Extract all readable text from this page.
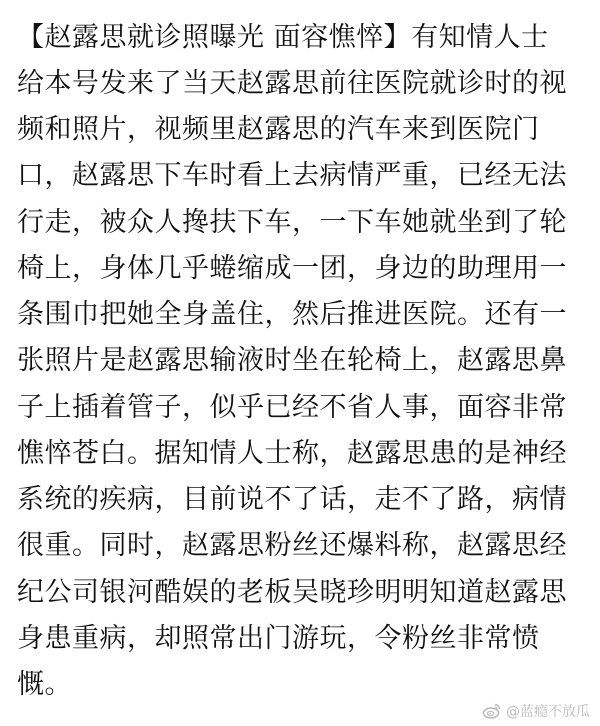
【赵露思就诊照曝光 面容憔悴】有知情人士
给本号发来了当天赵露思前往医院就诊时的视
频和照片，视频里赵露思的汽车来到医院门
口，赵露思下车时看上去病情严重，已经无法
行走，被众人搀扶下车，一下车她就坐到了轮
椅上，身体几乎蜷缩成一团，身边的助理用一
条围巾把她全身盖住，然后推进医院。还有一
张照片是赵露思输液时坐在轮椅上，赵露思鼻
子上插着管子，似乎已经不省人事，面容非常
憔悴苍白。据知情人士称，赵露思患的是神经
系统的疾病，目前说不了话，走不了路，病情
很重。同时，赵露思粉丝还爆料称，赵露思经
纪公司银河酷娱的老板吴晓珍明明知道赵露思
身患重病，却照常出门游玩，令粉丝非常愤
慨。
@蓝瘾不放瓜
